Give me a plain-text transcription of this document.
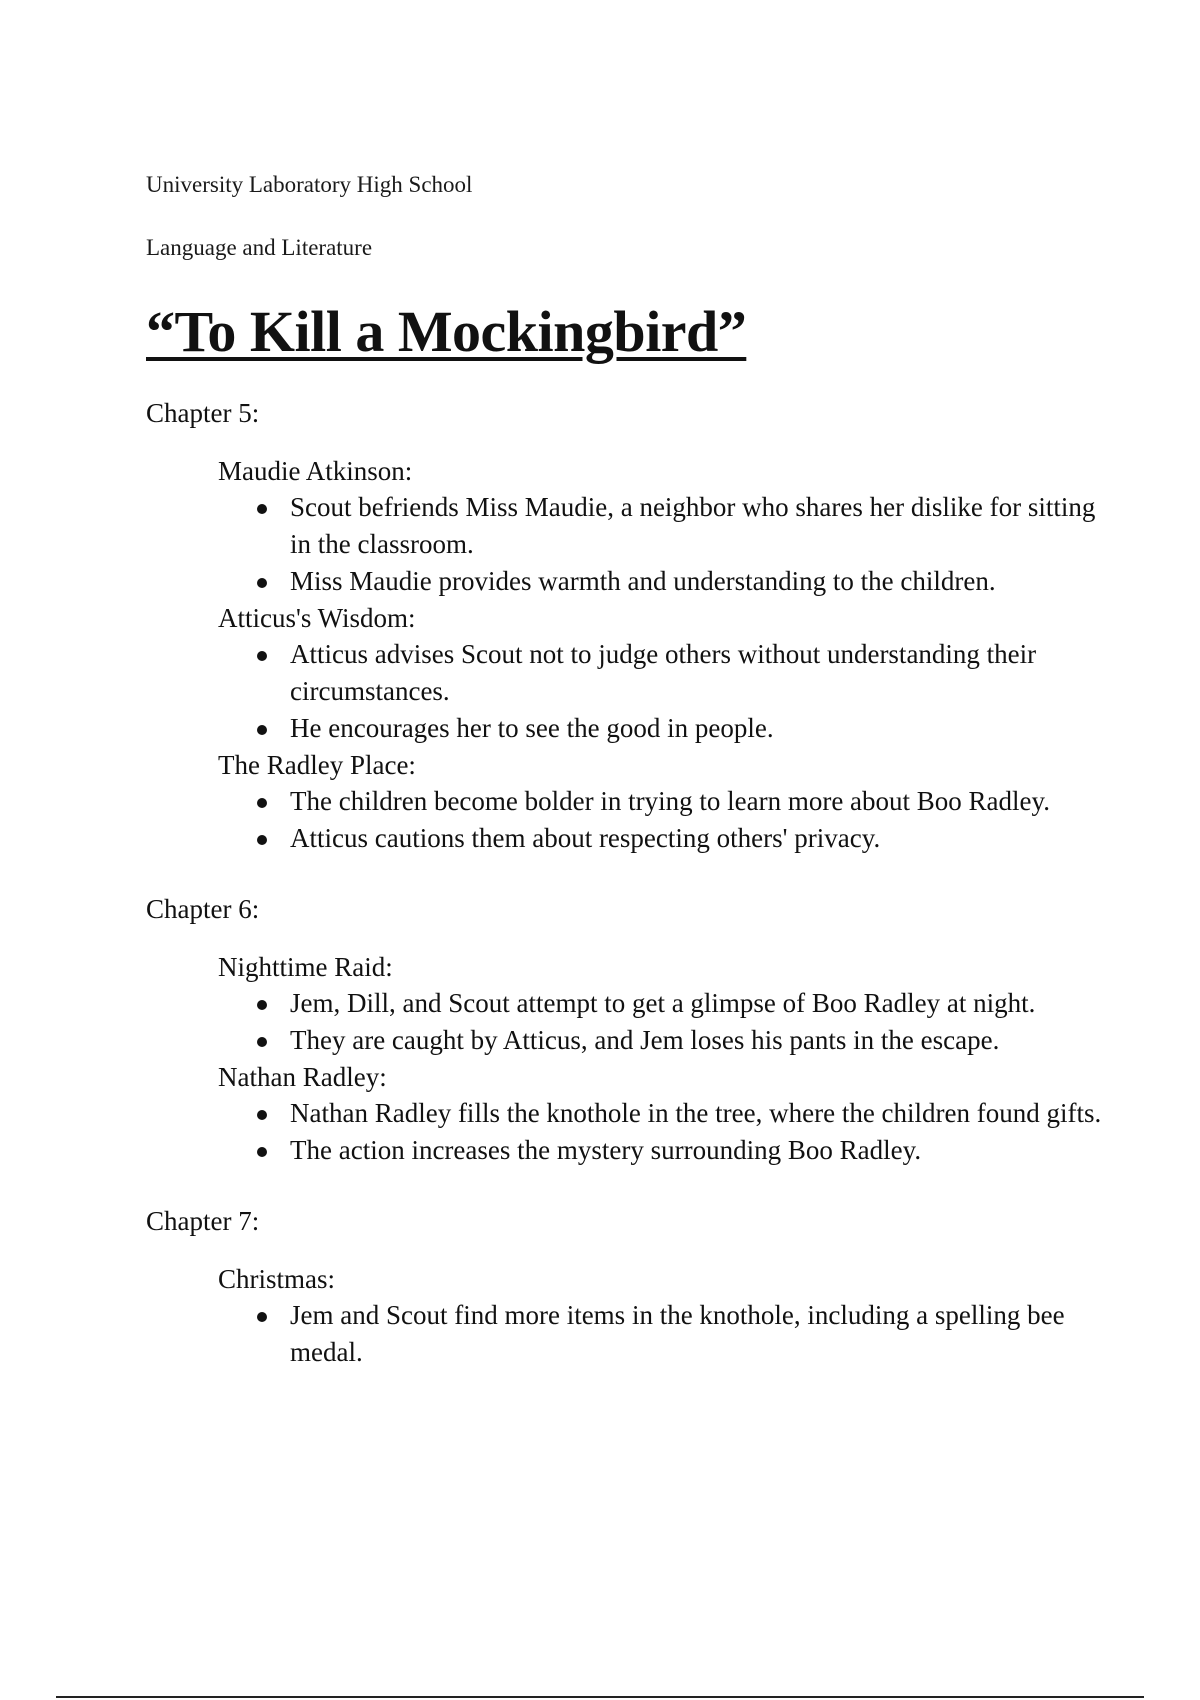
University Laboratory High School

Language and Literature

“To Kill a Mockingbird”

Chapter 5:

Maudie Atkinson:

Scout befriends Miss Maudie, a neighbor who shares her dislike for sitting in the classroom.
Miss Maudie provides warmth and understanding to the children.

Atticus's Wisdom:

Atticus advises Scout not to judge others without understanding their circumstances.
He encourages her to see the good in people.

The Radley Place:

The children become bolder in trying to learn more about Boo Radley.
Atticus cautions them about respecting others' privacy.

Chapter 6:

Nighttime Raid:

Jem, Dill, and Scout attempt to get a glimpse of Boo Radley at night.
They are caught by Atticus, and Jem loses his pants in the escape.

Nathan Radley:

Nathan Radley fills the knothole in the tree, where the children found gifts.
The action increases the mystery surrounding Boo Radley.

Chapter 7:

Christmas:

Jem and Scout find more items in the knothole, including a spelling bee medal.
